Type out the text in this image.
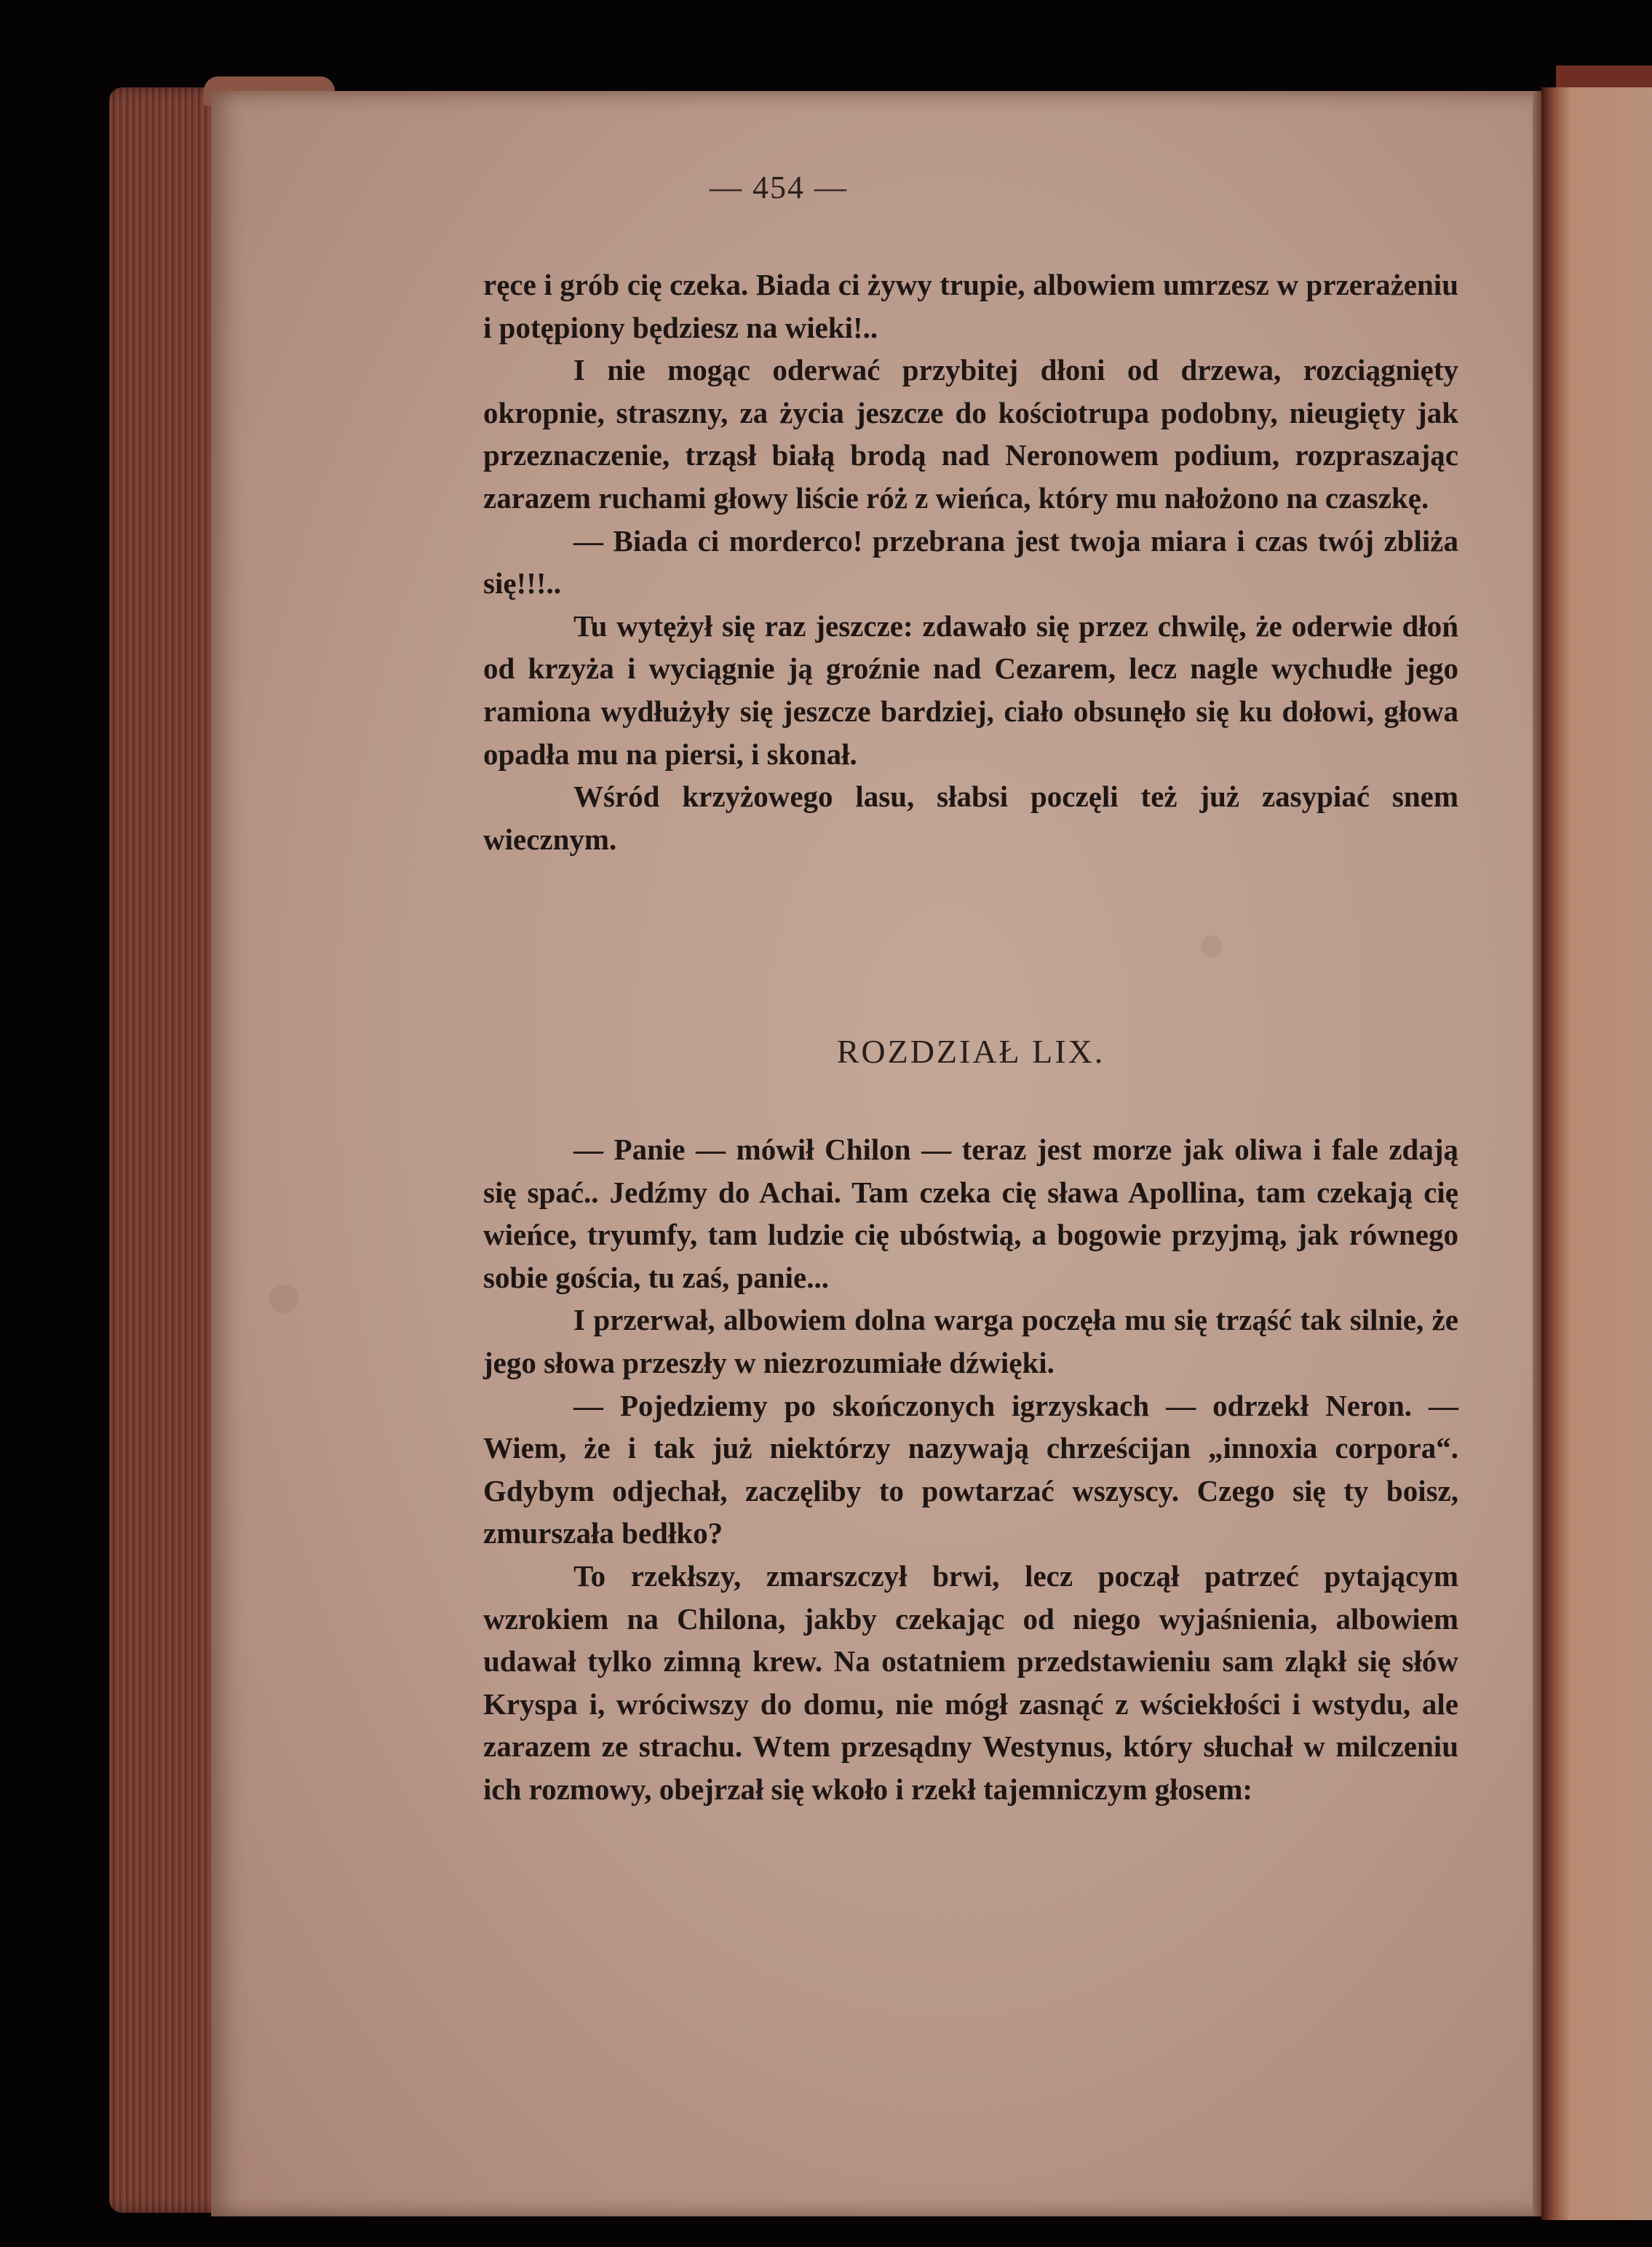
— 454 —

ręce i grób cię czeka. Biada ci żywy trupie, albowiem umrzesz w przerażeniu i potępiony będziesz na wieki!..

I nie mogąc oderwać przybitej dłoni od drzewa, rozciągnięty okropnie, straszny, za życia jeszcze do kościotrupa podobny, nieugięty jak przeznaczenie, trząsł białą brodą nad Neronowem podium, rozpraszając zarazem ruchami głowy liście róż z wieńca, który mu nałożono na czaszkę.

— Biada ci morderco! przebrana jest twoja miara i czas twój zbliża się!!!..

Tu wytężył się raz jeszcze: zdawało się przez chwilę, że oderwie dłoń od krzyża i wyciągnie ją groźnie nad Cezarem, lecz nagle wychudłe jego ramiona wydłużyły się jeszcze bardziej, ciało obsunęło się ku dołowi, głowa opadła mu na piersi, i skonał.

Wśród krzyżowego lasu, słabsi poczęli też już zasypiać snem wiecznym.

ROZDZIAŁ LIX.

— Panie — mówił Chilon — teraz jest morze jak oliwa i fale zdają się spać.. Jedźmy do Achai. Tam czeka cię sława Apollina, tam czekają cię wieńce, tryumfy, tam ludzie cię ubóstwią, a bogowie przyjmą, jak równego sobie gościa, tu zaś, panie...

I przerwał, albowiem dolna warga poczęła mu się trząść tak silnie, że jego słowa przeszły w niezrozumiałe dźwięki.

— Pojedziemy po skończonych igrzyskach — odrzekł Neron. — Wiem, że i tak już niektórzy nazywają chrześcijan „innoxia corpora“. Gdybym odjechał, zaczęliby to powtarzać wszyscy. Czego się ty boisz, zmurszała bedłko?

To rzekłszy, zmarszczył brwi, lecz począł patrzeć pytającym wzrokiem na Chilona, jakby czekając od niego wyjaśnienia, albowiem udawał tylko zimną krew. Na ostatniem przedstawieniu sam zląkł się słów Kryspa i, wróciwszy do domu, nie mógł zasnąć z wściekłości i wstydu, ale zarazem ze strachu. Wtem przesądny Westynus, który słuchał w milczeniu ich rozmowy, obejrzał się wkoło i rzekł tajemniczym głosem:
